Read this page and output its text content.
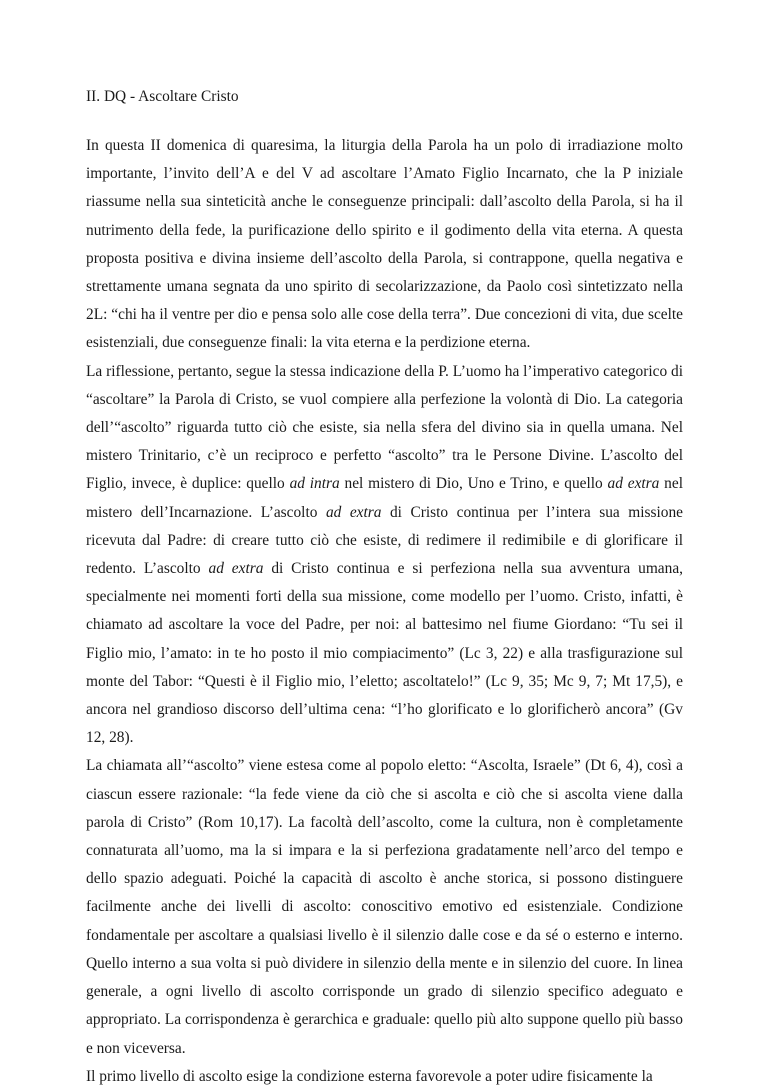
II. DQ - Ascoltare Cristo

In questa II domenica di quaresima, la liturgia della Parola ha un polo di irradiazione molto importante, l’invito dell’A e del V ad ascoltare l’Amato Figlio Incarnato, che la P iniziale riassume nella sua sinteticità anche le conseguenze principali: dall’ascolto della Parola, si ha il nutrimento della fede, la purificazione dello spirito e il godimento della vita eterna. A questa proposta positiva e divina insieme dell’ascolto della Parola, si contrappone, quella negativa e strettamente umana segnata da uno spirito di secolarizzazione, da Paolo così sintetizzato nella 2L: “chi ha il ventre per dio e pensa solo alle cose della terra”. Due concezioni di vita, due scelte esistenziali, due conseguenze finali: la vita eterna e la perdizione eterna.

La riflessione, pertanto, segue la stessa indicazione della P. L’uomo ha l’imperativo categorico di “ascoltare” la Parola di Cristo, se vuol compiere alla perfezione la volontà di Dio. La categoria dell’“ascolto” riguarda tutto ciò che esiste, sia nella sfera del divino sia in quella umana. Nel mistero Trinitario, c’è un reciproco e perfetto “ascolto” tra le Persone Divine. L’ascolto del Figlio, invece, è duplice: quello ad intra nel mistero di Dio, Uno e Trino, e quello ad extra nel mistero dell’Incarnazione. L’ascolto ad extra di Cristo continua per l’intera sua missione ricevuta dal Padre: di creare tutto ciò che esiste, di redimere il redimibile e di glorificare il redento. L’ascolto ad extra di Cristo continua e si perfeziona nella sua avventura umana, specialmente nei momenti forti della sua missione, come modello per l’uomo. Cristo, infatti, è chiamato ad ascoltare la voce del Padre, per noi: al battesimo nel fiume Giordano: “Tu sei il Figlio mio, l’amato: in te ho posto il mio compiacimento” (Lc 3, 22) e alla trasfigurazione sul monte del Tabor: “Questi è il Figlio mio, l’eletto; ascoltatelo!” (Lc 9, 35; Mc 9, 7; Mt 17,5), e ancora nel grandioso discorso dell’ultima cena: “l’ho glorificato e lo glorificherò ancora” (Gv 12, 28).

La chiamata all’“ascolto” viene estesa come al popolo eletto: “Ascolta, Israele” (Dt 6, 4), così a ciascun essere razionale: “la fede viene da ciò che si ascolta e ciò che si ascolta viene dalla parola di Cristo” (Rom 10,17). La facoltà dell’ascolto, come la cultura, non è completamente connaturata all’uomo, ma la si impara e la si perfeziona gradatamente nell’arco del tempo e dello spazio adeguati. Poiché la capacità di ascolto è anche storica, si possono distinguere facilmente anche dei livelli di ascolto: conoscitivo emotivo ed esistenziale. Condizione fondamentale per ascoltare a qualsiasi livello è il silenzio dalle cose e da sé o esterno e interno. Quello interno a sua volta si può dividere in silenzio della mente e in silenzio del cuore. In linea generale, a ogni livello di ascolto corrisponde un grado di silenzio specifico adeguato e appropriato. La corrispondenza è gerarchica e graduale: quello più alto suppone quello più basso e non viceversa.

Il primo livello di ascolto esige la condizione esterna favorevole a poter udire fisicamente la
